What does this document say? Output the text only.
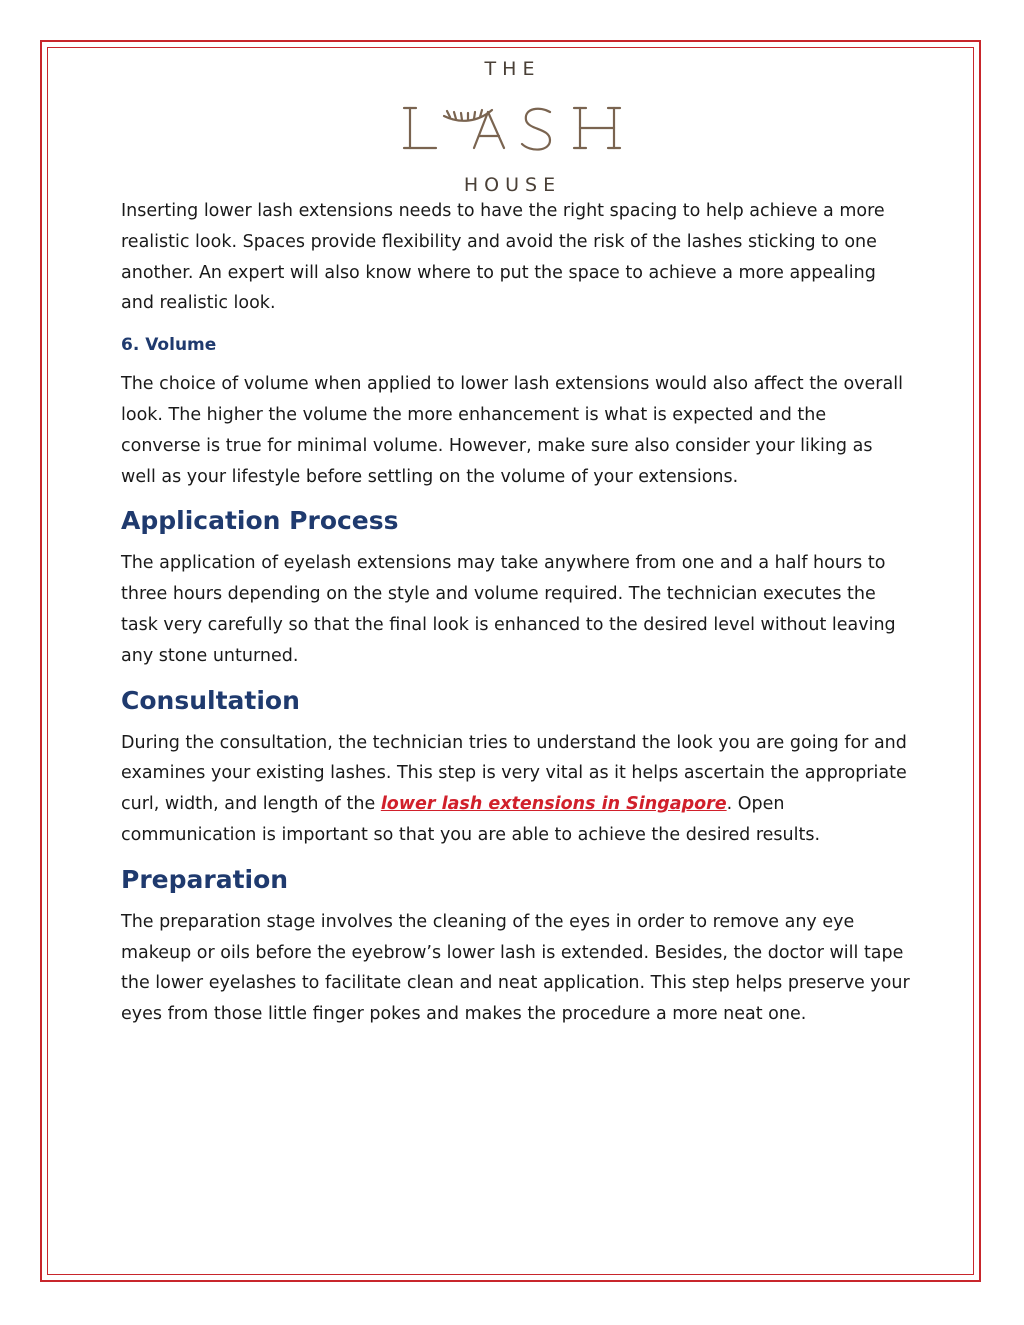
THE
HOUSE

Inserting lower lash extensions needs to have the right spacing to help achieve a more realistic look. Spaces provide flexibility and avoid the risk of the lashes sticking to one another. An expert will also know where to put the space to achieve a more appealing and realistic look.

6. Volume

The choice of volume when applied to lower lash extensions would also affect the overall look. The higher the volume the more enhancement is what is expected and the converse is true for minimal volume. However, make sure also consider your liking as well as your lifestyle before settling on the volume of your extensions.

Application Process

The application of eyelash extensions may take anywhere from one and a half hours to three hours depending on the style and volume required. The technician executes the task very carefully so that the final look is enhanced to the desired level without leaving any stone unturned.

Consultation

During the consultation, the technician tries to understand the look you are going for and examines your existing lashes. This step is very vital as it helps ascertain the appropriate curl, width, and length of the lower lash extensions in Singapore. Open communication is important so that you are able to achieve the desired results.

Preparation

The preparation stage involves the cleaning of the eyes in order to remove any eye makeup or oils before the eyebrow’s lower lash is extended. Besides, the doctor will tape the lower eyelashes to facilitate clean and neat application. This step helps preserve your eyes from those little finger pokes and makes the procedure a more neat one.
